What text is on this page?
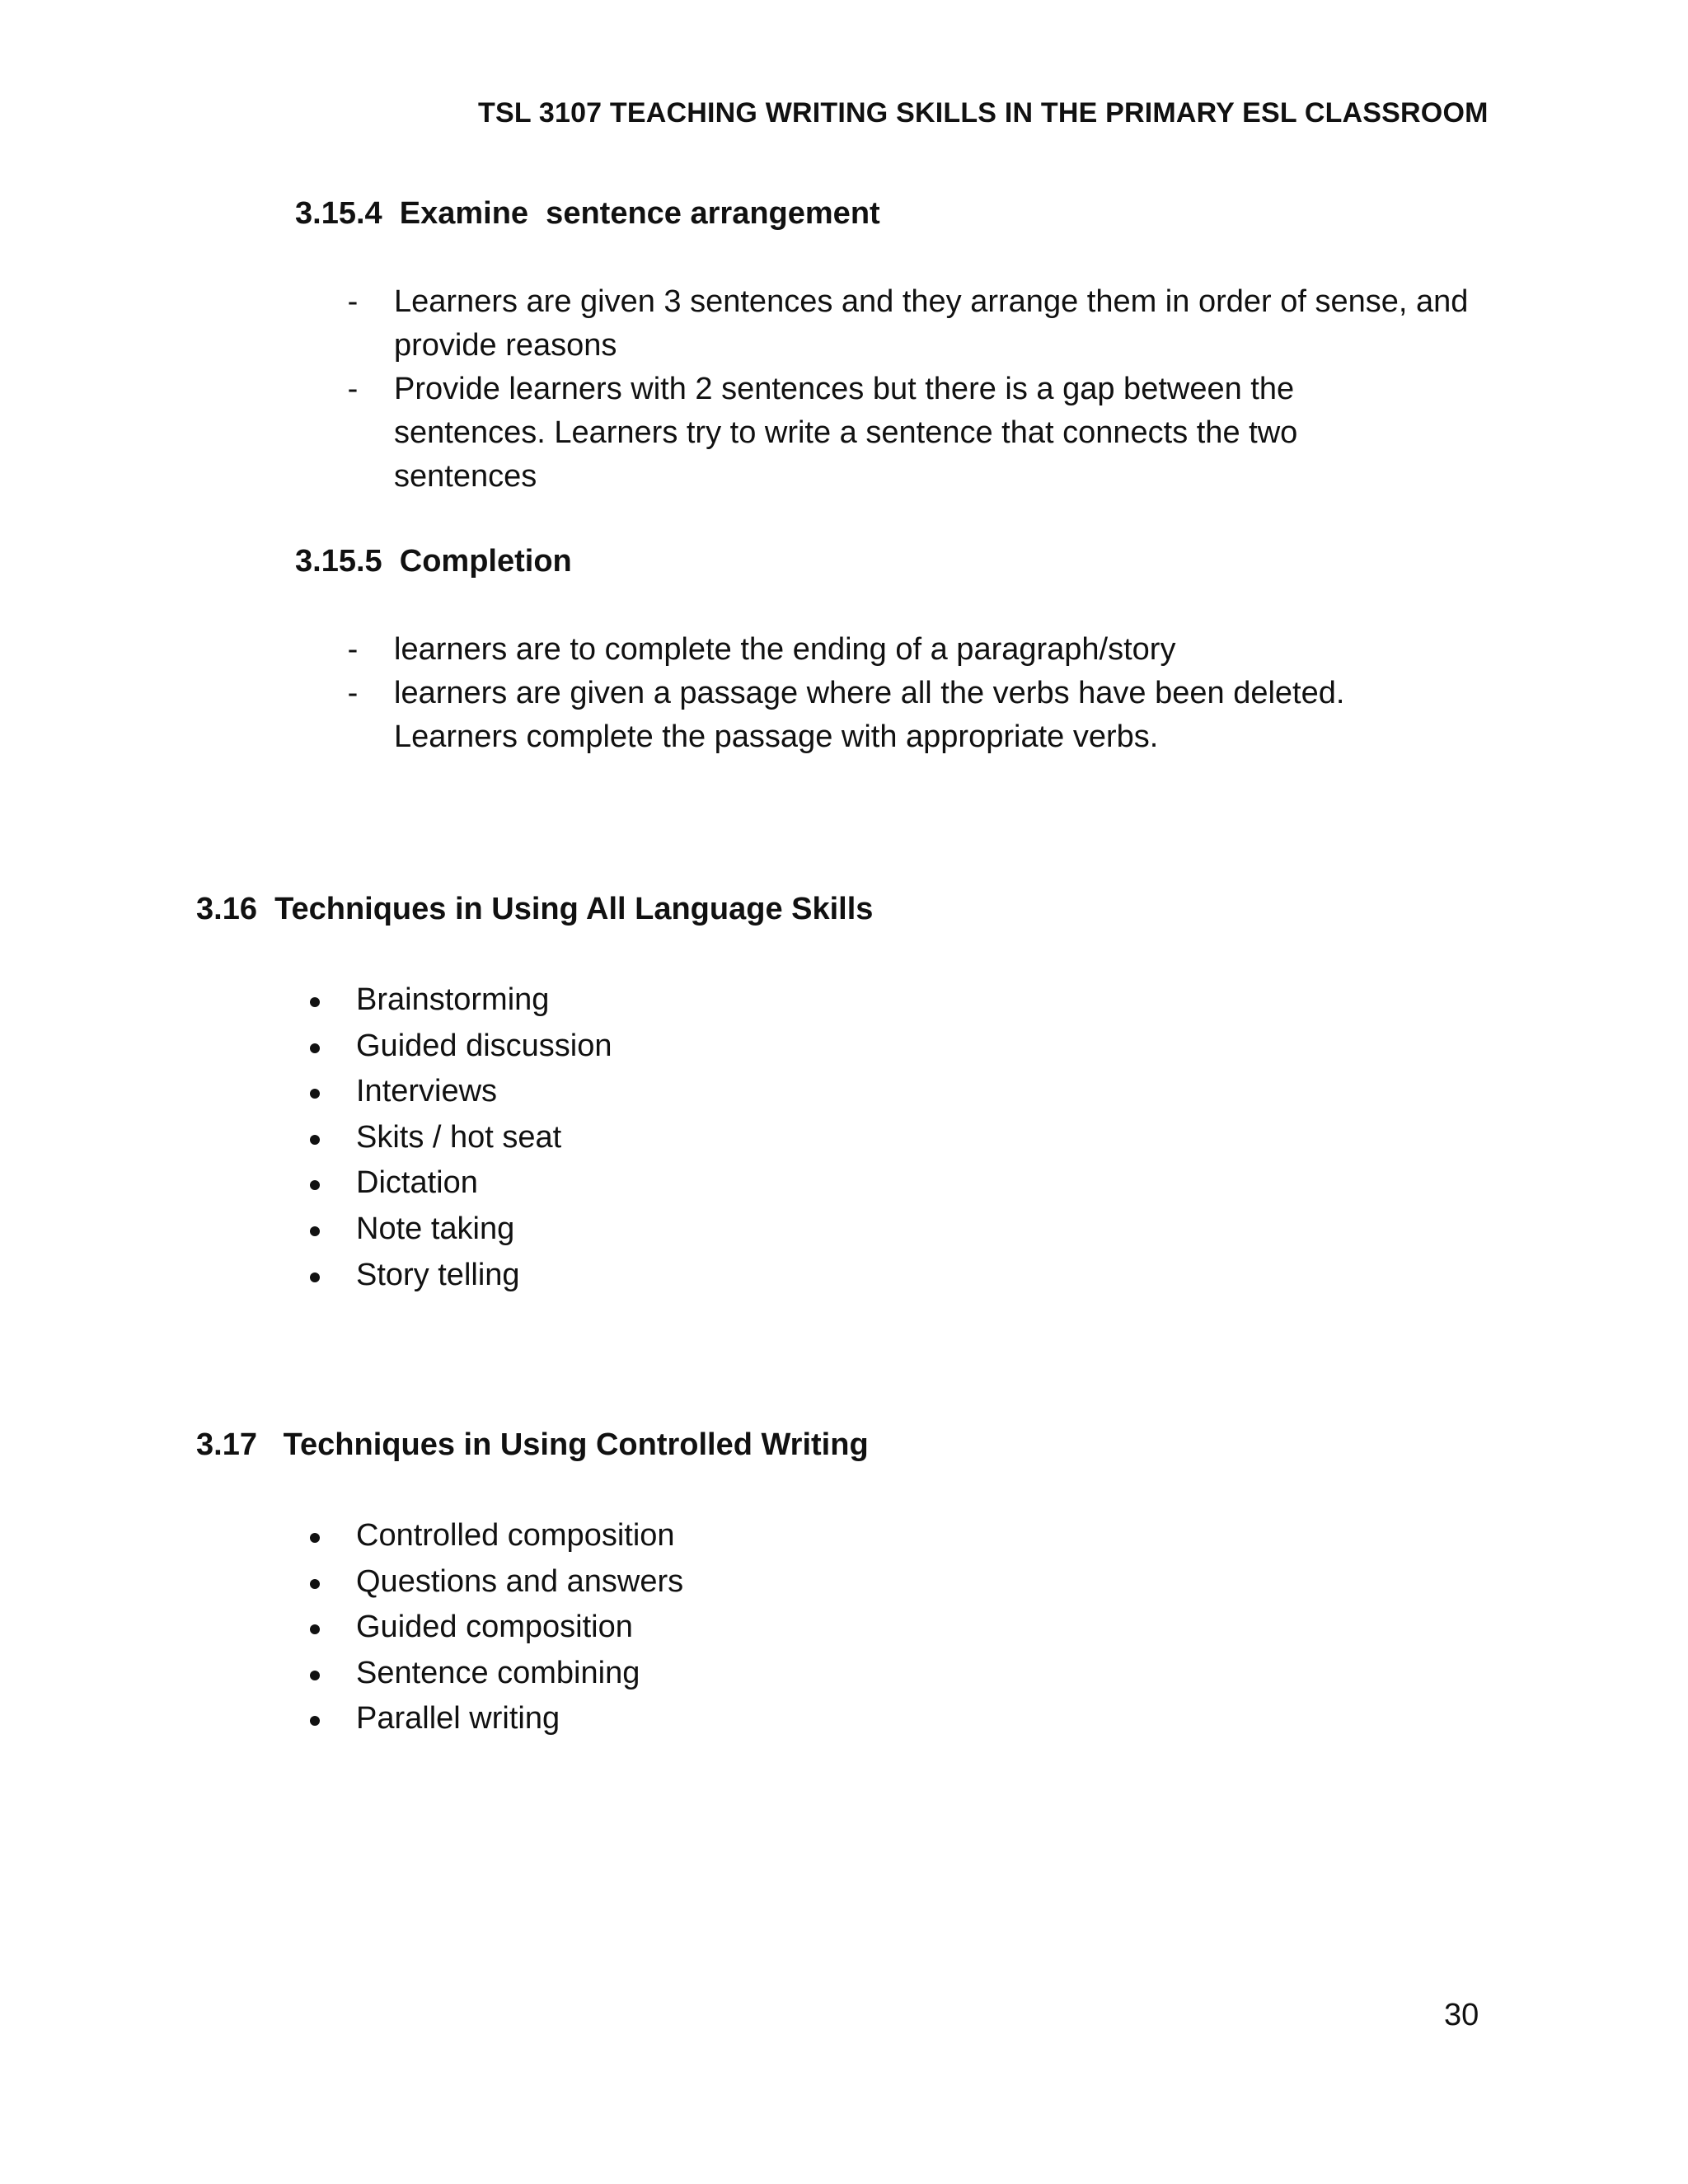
TSL 3107 TEACHING WRITING SKILLS IN THE PRIMARY ESL CLASSROOM
3.15.4  Examine  sentence arrangement
- Learners are given 3 sentences and they arrange them in order of sense, and provide reasons
- Provide learners with 2 sentences but there is a gap between the sentences. Learners try to write a sentence that connects the two sentences
3.15.5  Completion
- learners are to complete the ending of a paragraph/story
- learners are given a passage where all the verbs have been deleted. Learners complete the passage with appropriate verbs.
3.16  Techniques in Using All Language Skills
Brainstorming
Guided discussion
Interviews
Skits / hot seat
Dictation
Note taking
Story telling
3.17   Techniques in Using Controlled Writing
Controlled composition
Questions and answers
Guided composition
Sentence combining
Parallel writing
30
